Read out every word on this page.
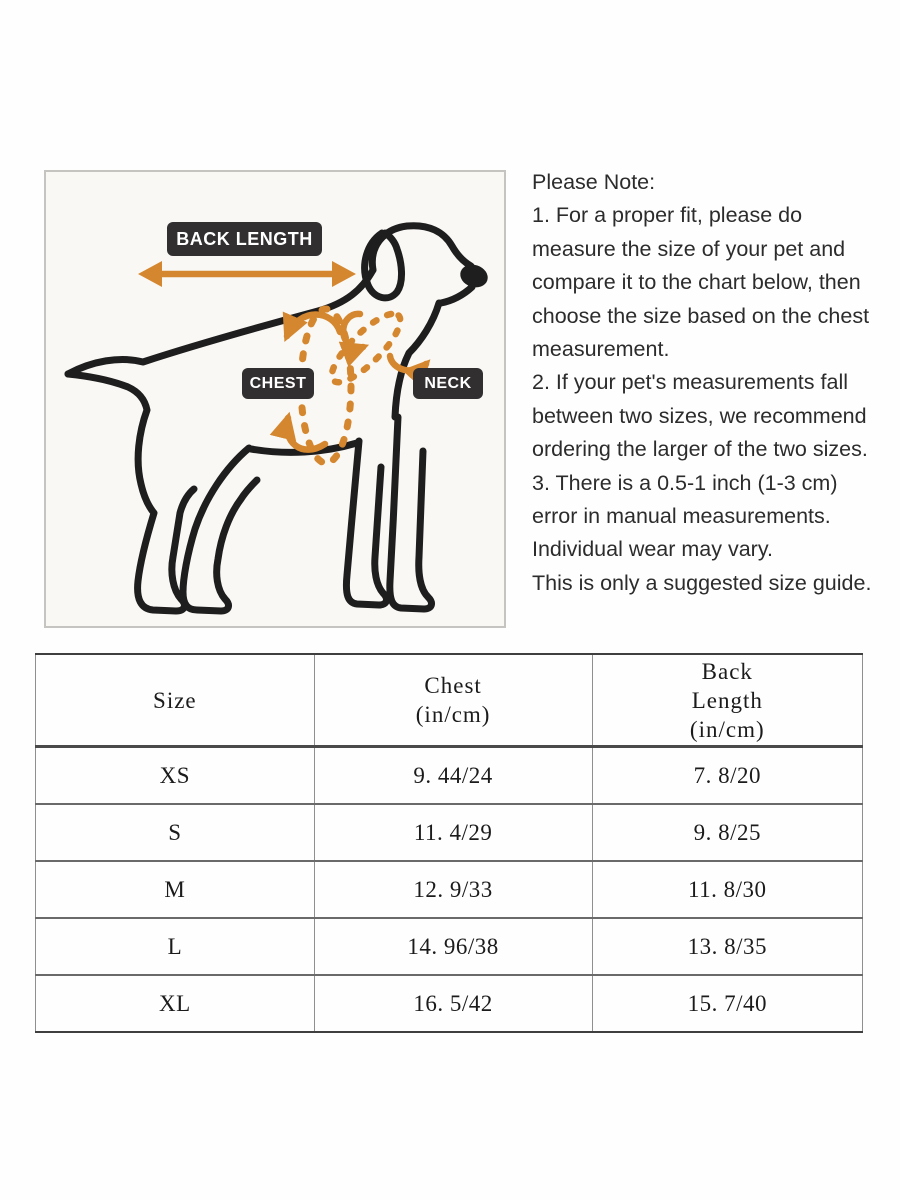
BACK LENGTH
CHEST	NECK
Please Note:
1. For a proper fit, please do
measure the size of your pet and
compare it to the chart below, then
choose the size based on the chest
measurement.
2. If your pet's measurements fall
between two sizes, we recommend
ordering the larger of the two sizes.
3. There is a 0.5-1 inch (1-3 cm)
error in manual measurements.
Individual wear may vary.
This is only a suggested size guide.
Size

Chest
(in/cm)

Back
Length
(in/cm)

XS	9. 44/24	7. 8/20
S	11. 4/29	9. 8/25
M	12. 9/33	11. 8/30
L	14. 96/38	13. 8/35
XL	16. 5/42	15. 7/40
